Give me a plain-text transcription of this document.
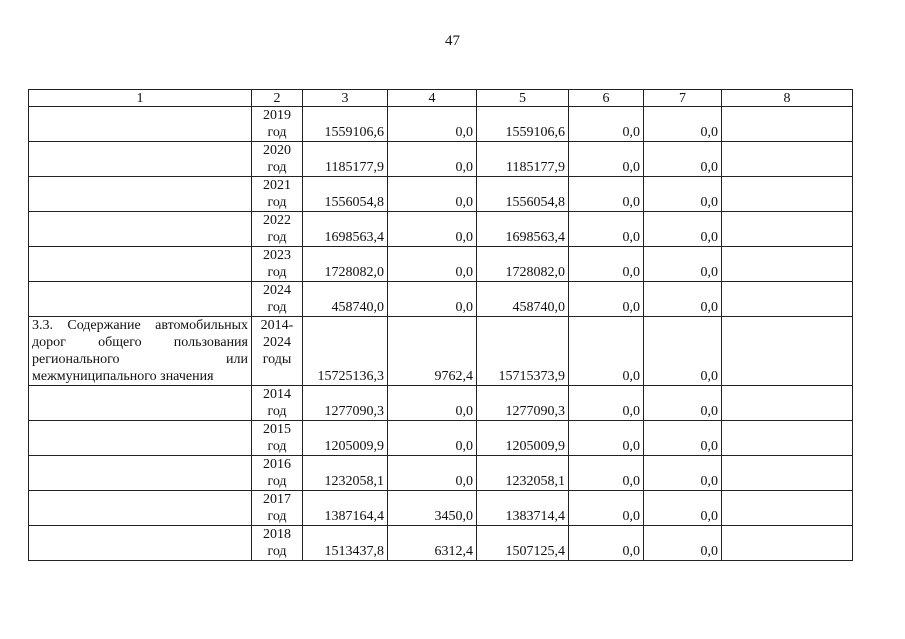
47
1	2	3	4	5	6	7	8

	2019
год	1559106,6	0,0	1559106,6	0,0	0,0	

	2020
год	1185177,9	0,0	1185177,9	0,0	0,0	

	2021
год	1556054,8	0,0	1556054,8	0,0	0,0	

	2022
год	1698563,4	0,0	1698563,4	0,0	0,0	

	2023
год	1728082,0	0,0	1728082,0	0,0	0,0	

	2024
год	458740,0	0,0	458740,0	0,0	0,0	

3.3. Содержание автомобильных
дорог общего пользования
регионального или
межмуниципального значения	2014-
2024
годы	15725136,3	9762,4	15715373,9	0,0	0,0	

	2014
год	1277090,3	0,0	1277090,3	0,0	0,0	

	2015
год	1205009,9	0,0	1205009,9	0,0	0,0	

	2016
год	1232058,1	0,0	1232058,1	0,0	0,0	

	2017
год	1387164,4	3450,0	1383714,4	0,0	0,0	

	2018
год	1513437,8	6312,4	1507125,4	0,0	0,0	
